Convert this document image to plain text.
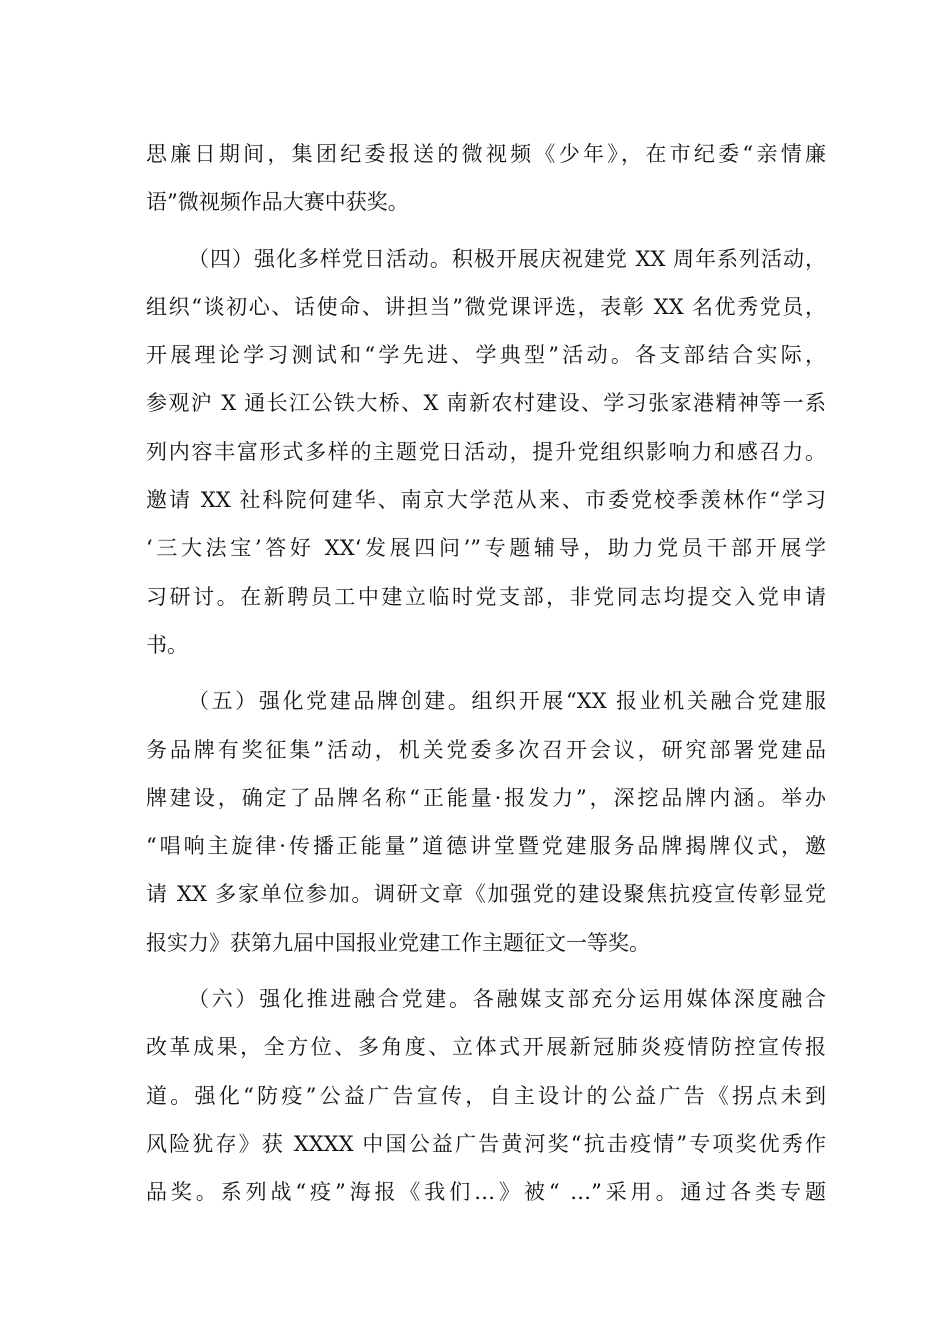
思廉日期间，集团纪委报送的微视频《少年》，在市纪委“亲情廉
语”微视频作品大赛中获奖。
（四）强化多样党日活动。积极开展庆祝建党 XX 周年系列活动，
组织“谈初心、话使命、讲担当”微党课评选，表彰 XX 名优秀党员，
开展理论学习测试和“学先进、学典型”活动。各支部结合实际，
参观沪 X 通长江公铁大桥、X 南新农村建设、学习张家港精神等一系
列内容丰富形式多样的主题党日活动，提升党组织影响力和感召力。
邀请 XX 社科院何建华、南京大学范从来、市委党校季羡林作“学习
‘三大法宝’答好 XX‘发展四问’”专题辅导，助力党员干部开展学
习研讨。在新聘员工中建立临时党支部，非党同志均提交入党申请
书。
（五）强化党建品牌创建。组织开展“XX 报业机关融合党建服
务品牌有奖征集”活动，机关党委多次召开会议，研究部署党建品
牌建设，确定了品牌名称“正能量·报发力”，深挖品牌内涵。举办
“唱响主旋律·传播正能量”道德讲堂暨党建服务品牌揭牌仪式，邀
请 XX 多家单位参加。调研文章《加强党的建设聚焦抗疫宣传彰显党
报实力》获第九届中国报业党建工作主题征文一等奖。
（六）强化推进融合党建。各融媒支部充分运用媒体深度融合
改革成果，全方位、多角度、立体式开展新冠肺炎疫情防控宣传报
道。强化“防疫”公益广告宣传，自主设计的公益广告《拐点未到
风险犹存》获 XXXX 中国公益广告黄河奖“抗击疫情”专项奖优秀作
品奖。系列战“疫”海报《我们…》被“ …”采用。通过各类专题
